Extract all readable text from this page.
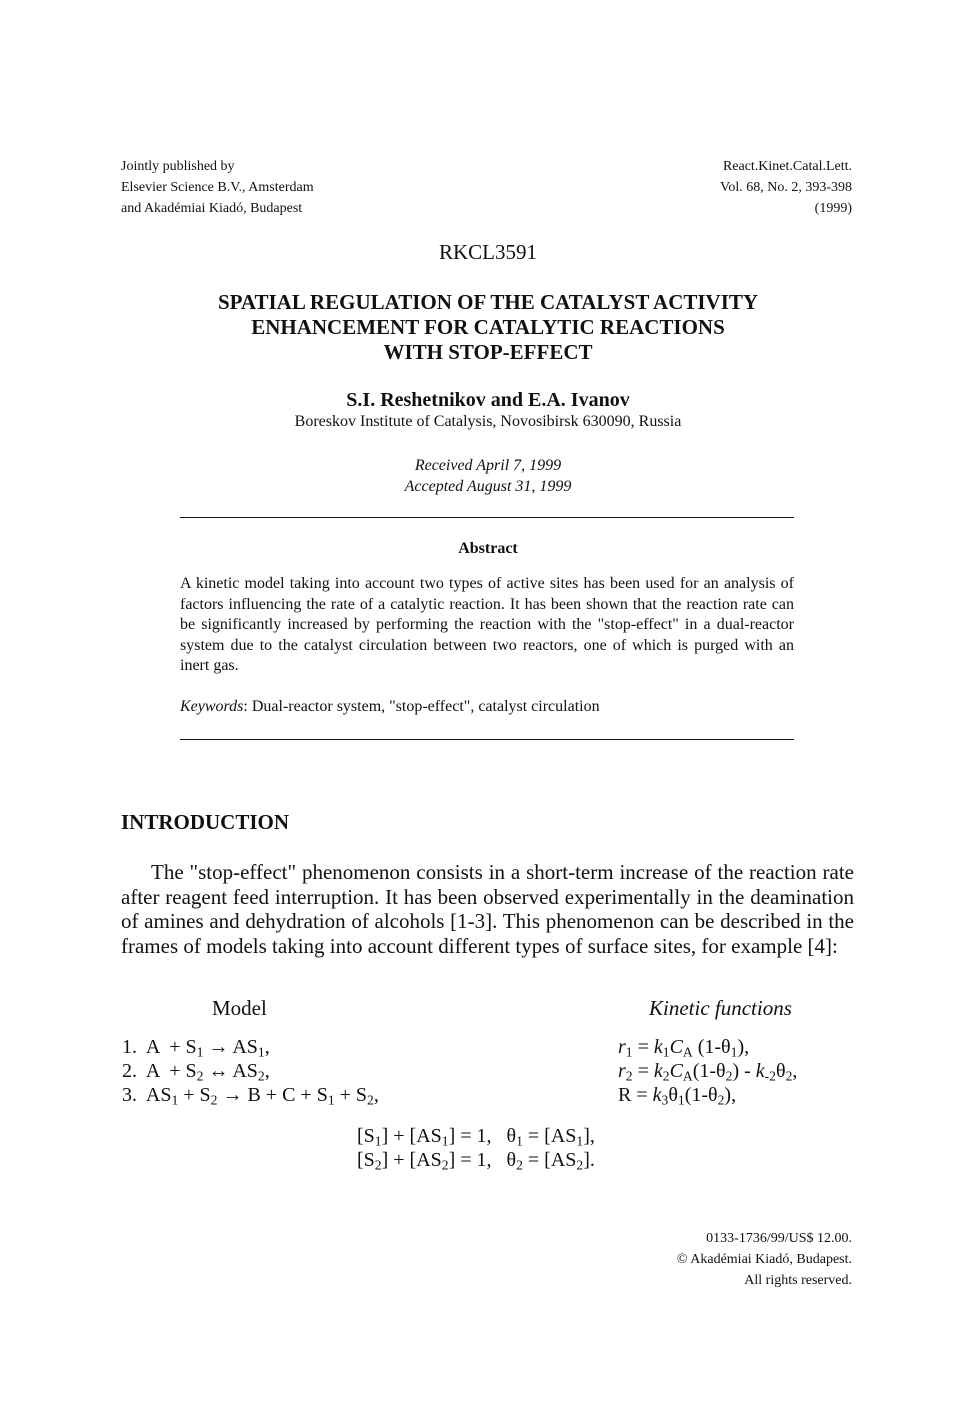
Jointly published by
Elsevier Science B.V., Amsterdam
and Akadémiai Kiadó, Budapest
React.Kinet.Catal.Lett.
Vol. 68, No. 2, 393-398
(1999)
RKCL3591
SPATIAL REGULATION OF THE CATALYST ACTIVITY
ENHANCEMENT FOR CATALYTIC REACTIONS
WITH STOP-EFFECT
S.I. Reshetnikov and E.A. Ivanov
Boreskov Institute of Catalysis, Novosibirsk 630090, Russia
Received April 7, 1999
Accepted August 31, 1999
Abstract
A kinetic model taking into account two types of active sites has been used for an analysis of factors influencing the rate of a catalytic reaction. It has been shown that the reaction rate can be significantly increased by performing the reaction with the "stop-effect" in a dual-reactor system due to the catalyst circulation between two reactors, one of which is purged with an inert gas.
Keywords: Dual-reactor system, "stop-effect", catalyst circulation
INTRODUCTION
The "stop-effect" phenomenon consists in a short-term increase of the reaction rate after reagent feed interruption. It has been observed experimentally in the deamination of amines and dehydration of alcohols [1-3]. This phenomenon can be described in the frames of models taking into account different types of surface sites, for example [4]:
Model	Kinetic functions
1.  $A + S_1 \to AS_1$,
2.  $A + S_2$ ↔ $AS_2$,
3.  $AS_1 + S_2 \to B + C + S_1 + S_2$,
$r_1 = k_1C_A$ $(1-\theta_1)$,
$r_2 = k_2C_A(1-\theta_2) - k_{-2}\theta_2$,
$R = k_3\theta_1(1-\theta_2)$,
$[S_1] + [AS_1] = 1$,   $\theta_1 = [AS_1]$,
$[S_2] + [AS_2] = 1$,   $\theta_2 = [AS_2]$.
0133-1736/99/US$ 12.00.
© Akadémiai Kiadó, Budapest.
All rights reserved.
